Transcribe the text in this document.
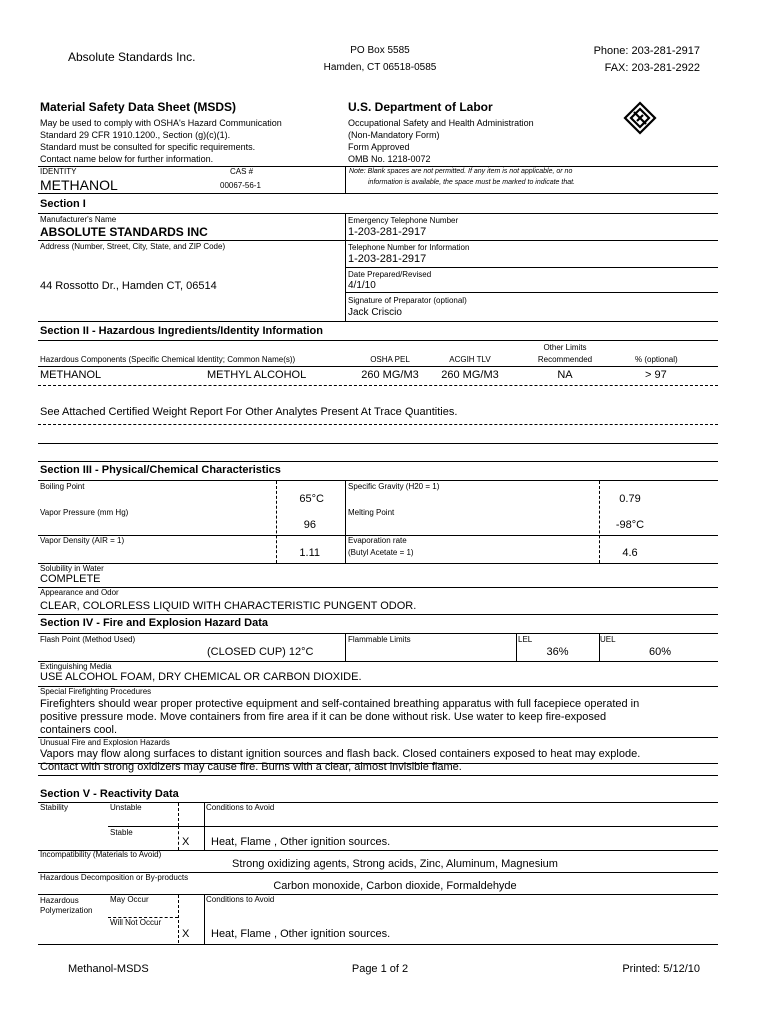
Absolute Standards Inc.	PO Box 5585
Hamden, CT 06518-0585
Phone: 203-281-2917
FAX: 203-281-2922
Material Safety Data Sheet (MSDS)
May be used to comply with OSHA's Hazard Communication
Standard 29 CFR 1910.1200., Section (g)(c)(1).
Standard must be consulted for specific requirements.
Contact name below for further information.
U.S. Department of Labor
Occupational Safety and Health Administration
(Non-Mandatory Form)
Form Approved
OMB No. 1218-0072
IDENTITY
METHANOL
CAS #
00067-56-1
Note: Blank spaces are not permitted. If any item is not applicable, or no
information is available, the space must be marked to indicate that.
Section I
Manufacturer's Name
ABSOLUTE STANDARDS INC
Address (Number, Street, City, State, and ZIP Code)
44 Rossotto Dr., Hamden CT, 06514
Emergency Telephone Number
1-203-281-2917
Telephone Number for Information
1-203-281-2917
Date Prepared/Revised
4/1/10
Signature of Preparator (optional)
Jack Criscio
Section II - Hazardous Ingredients/Identity Information
Hazardous Components (Specific Chemical Identity; Common Name(s))	OSHA PEL	ACGIH TLV
Other Limits
Recommended	% (optional)
METHANOL	METHYL ALCOHOL	260 MG/M3	260 MG/M3	NA	> 97
See Attached Certified Weight Report For Other Analytes Present At Trace Quantities.
Section III - Physical/Chemical Characteristics
Boiling Point
65°C
Specific Gravity (H20 = 1)
0.79
Vapor Pressure (mm Hg)
96
Melting Point
-98°C
Vapor Density (AIR = 1)
1.11
Evaporation rate
(Butyl Acetate = 1)	4.6
Solubility in Water
COMPLETE
Appearance and Odor
CLEAR, COLORLESS LIQUID WITH CHARACTERISTIC PUNGENT ODOR.
Section IV - Fire and Explosion Hazard Data
Flash Point (Method Used)
(CLOSED CUP) 12°C
Flammable Limits	LEL
36%
UEL
60%
Extinguishing Media
USE ALCOHOL FOAM, DRY CHEMICAL OR CARBON DIOXIDE.
Special Firefighting Procedures
Firefighters should wear proper protective equipment and self-contained breathing apparatus with full facepiece operated in
positive pressure mode. Move containers from fire area if it can be done without risk. Use water to keep fire-exposed
containers cool.
Unusual Fire and Explosion Hazards
Vapors may flow along surfaces to distant ignition sources and flash back. Closed containers exposed to heat may explode.
Contact with strong oxidizers may cause fire. Burns with a clear, almost invisible flame.
Section V - Reactivity Data
Stability	Unstable	Conditions to Avoid
Stable
X Heat, Flame , Other ignition sources.
Incompatibility (Materials to Avoid)
Strong oxidizing agents, Strong acids, Zinc, Aluminum, Magnesium
Hazardous Decomposition or By-products
Carbon monoxide, Carbon dioxide, Formaldehyde
Hazardous
Polymerization
May Occur	Conditions to Avoid
Will Not Occur
X Heat, Flame , Other ignition sources.
Methanol-MSDS	Page 1 of 2	Printed: 5/12/10
